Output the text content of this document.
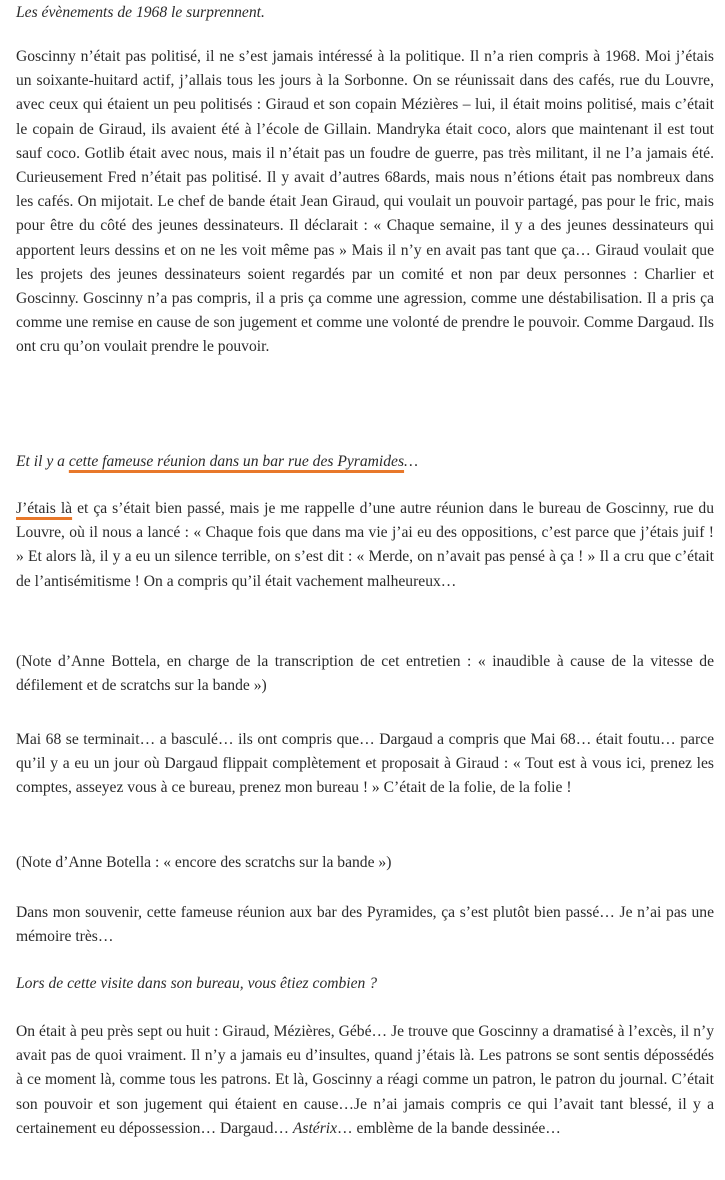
Les évènements de 1968 le surprennent.

Goscinny n’était pas politisé, il ne s’est jamais intéressé à la politique. Il n’a rien compris à 1968. Moi j’étais un soixante-huitard actif, j’allais tous les jours à la Sorbonne. On se réunissait dans des cafés, rue du Louvre, avec ceux qui étaient un peu politisés : Giraud et son copain Mézières – lui, il était moins politisé, mais c’était le copain de Giraud, ils avaient été à l’école de Gillain. Mandryka était coco, alors que maintenant il est tout sauf coco. Gotlib était avec nous, mais il n’était pas un foudre de guerre, pas très militant, il ne l’a jamais été. Curieusement Fred n’était pas politisé. Il y avait d’autres 68ards, mais nous n’étions était pas nombreux dans les cafés. On mijotait. Le chef de bande était Jean Giraud, qui voulait un pouvoir partagé, pas pour le fric, mais pour être du côté des jeunes dessinateurs. Il déclarait : « Chaque semaine, il y a des jeunes dessinateurs qui apportent leurs dessins et on ne les voit même pas » Mais il n’y en avait pas tant que ça… Giraud voulait que les projets des jeunes dessinateurs soient regardés par un comité et non par deux personnes : Charlier et Goscinny. Goscinny n’a pas compris, il a pris ça comme une agression, comme une déstabilisation. Il a pris ça comme une remise en cause de son jugement et comme une volonté de prendre le pouvoir. Comme Dargaud. Ils ont cru qu’on voulait prendre le pouvoir.

Et il y a cette fameuse réunion dans un bar rue des Pyramides…

J’étais là et ça s’était bien passé, mais je me rappelle d’une autre réunion dans le bureau de Goscinny, rue du Louvre, où il nous a lancé : « Chaque fois que dans ma vie j’ai eu des oppositions, c’est parce que j’étais juif ! » Et alors là, il y a eu un silence terrible, on s’est dit : « Merde, on n’avait pas pensé à ça ! » Il a cru que c’était de l’antisémitisme ! On a compris qu’il était vachement malheureux…

(Note d’Anne Bottela, en charge de la transcription de cet entretien : « inaudible à cause de la vitesse de défilement et de scratchs sur la bande »)

Mai 68 se terminait… a basculé… ils ont compris que… Dargaud a compris que Mai 68… était foutu… parce qu’il y a eu un jour où Dargaud flippait complètement et proposait à Giraud : « Tout est à vous ici, prenez les comptes, asseyez vous à ce bureau, prenez mon bureau ! » C’était de la folie, de la folie !

(Note d’Anne Botella : « encore des scratchs sur la bande »)

Dans mon souvenir, cette fameuse réunion aux bar des Pyramides, ça s’est plutôt bien passé… Je n’ai pas une mémoire très…

Lors de cette visite dans son bureau, vous êtiez combien ?

On était à peu près sept ou huit : Giraud, Mézières, Gébé… Je trouve que Goscinny a dramatisé à l’excès, il n’y avait pas de quoi vraiment. Il n’y a jamais eu d’insultes, quand j’étais là. Les patrons se sont sentis dépossédés à ce moment là, comme tous les patrons. Et là, Goscinny a réagi comme un patron, le patron du journal. C’était son pouvoir et son jugement qui étaient en cause…Je n’ai jamais compris ce qui l’avait tant blessé, il y a certainement eu dépossession… Dargaud… Astérix… emblème de la bande dessinée…
